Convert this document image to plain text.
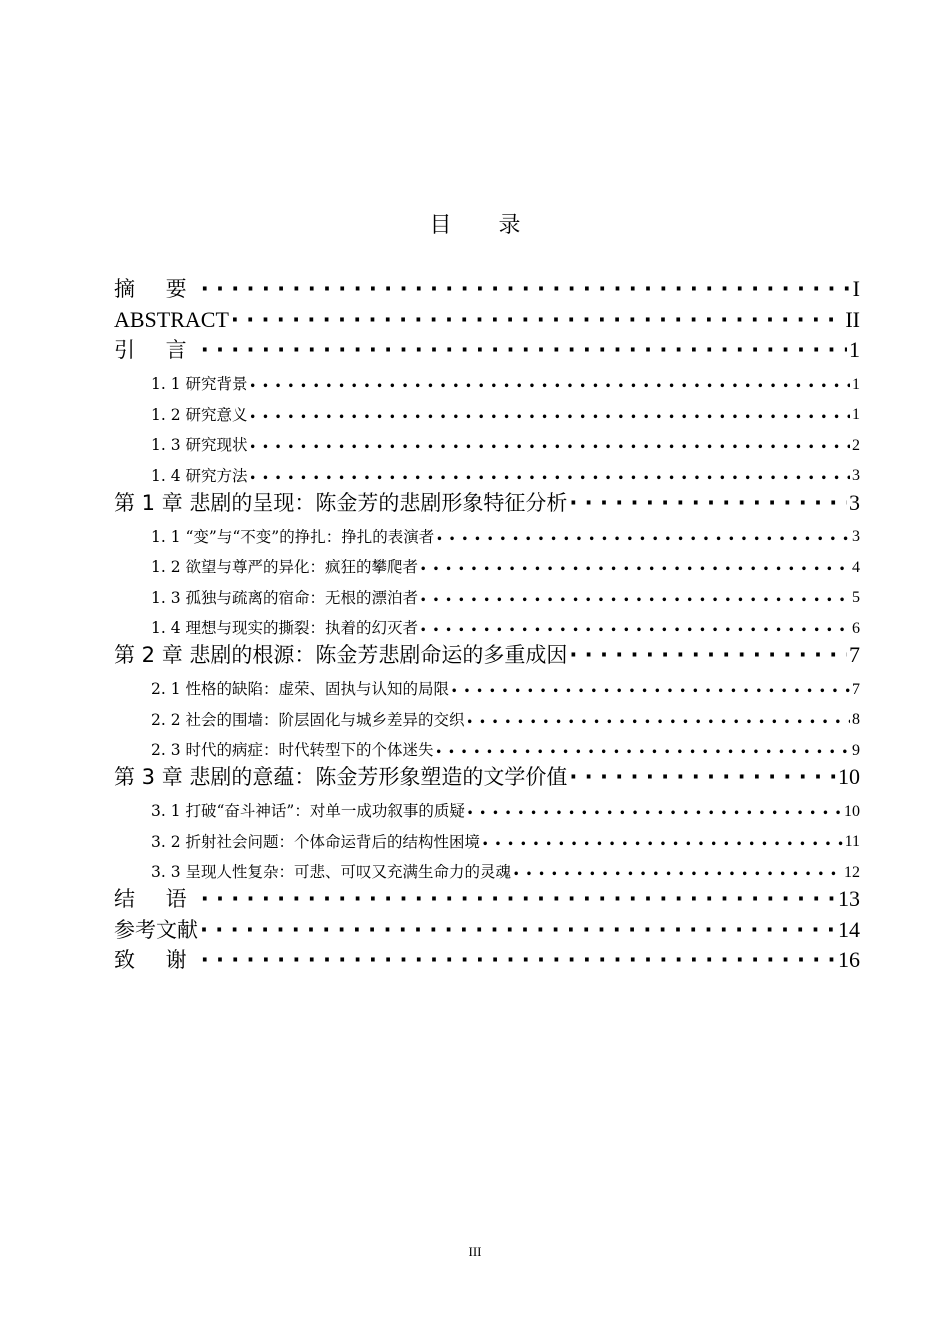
目 录
摘 要 · · ·	I
ABSTRACT · · ·	II
引 言 · · ·	1
1. 1 研究背景 •••••	1
1. 2 研究意义 •••••	1
1. 3 研究现状 •••••	2
1. 4 研究方法 •••••	3
第 1 章 悲剧的呈现：陈金芳的悲剧形象特征分析 · · ·	3
1. 1 “变”与“不变”的挣扎：挣扎的表演者 •••••	3
1. 2 欲望与尊严的异化：疯狂的攀爬者 •••••	4
1. 3 孤独与疏离的宿命：无根的漂泊者 •••••	5
1. 4 理想与现实的撕裂：执着的幻灭者 •••••	6
第 2 章 悲剧的根源：陈金芳悲剧命运的多重成因 · · ·	7
2. 1 性格的缺陷：虚荣、固执与认知的局限 •••••	7
2. 2 社会的围墙：阶层固化与城乡差异的交织 •••••	8
2. 3 时代的病症：时代转型下的个体迷失 •••••	9
第 3 章 悲剧的意蕴：陈金芳形象塑造的文学价值 · · ·	10
3. 1 打破“奋斗神话”：对单一成功叙事的质疑 •••••	10
3. 2 折射社会问题：个体命运背后的结构性困境 •••••	11
3. 3 呈现人性复杂：可悲、可叹又充满生命力的灵魂 •••••	12
结 语 · · ·	13
参考文献 · · ·	14
致 谢 · · ·	16
III
